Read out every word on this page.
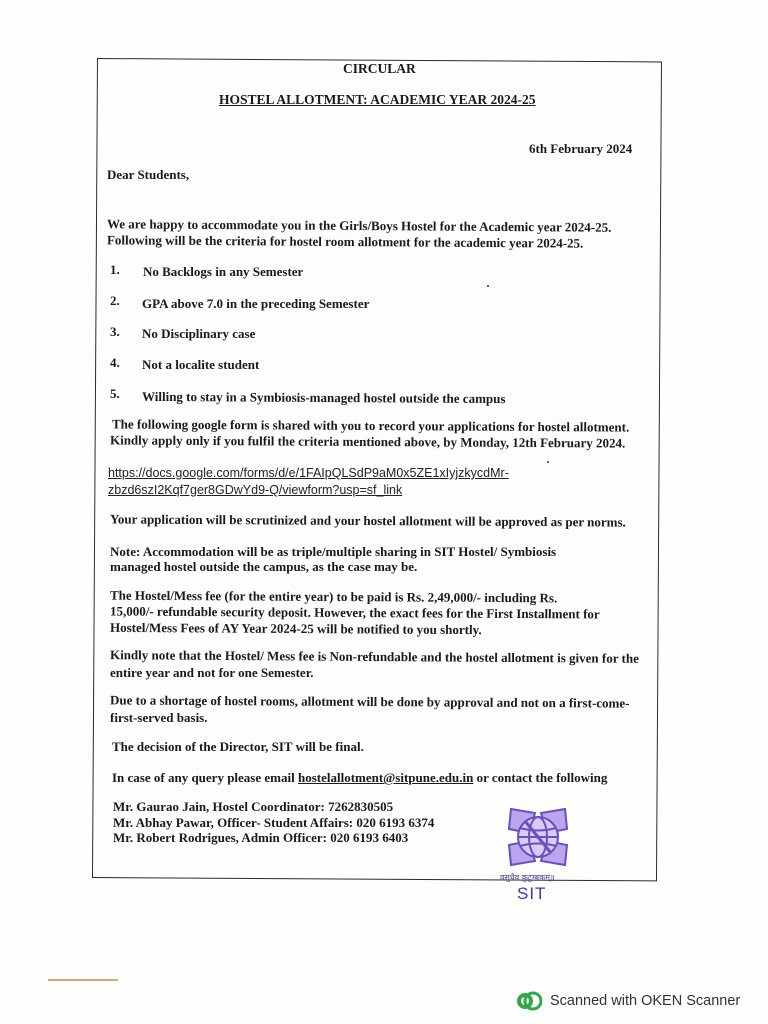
CIRCULAR
HOSTEL ALLOTMENT: ACADEMIC YEAR 2024-25
6th February 2024
Dear Students,
We are happy to accommodate you in the Girls/Boys Hostel for the Academic year 2024-25.
Following will be the criteria for hostel room allotment for the academic year 2024-25.
1. No Backlogs in any Semester
2. GPA above 7.0 in the preceding Semester
3. No Disciplinary case
4. Not a localite student
5. Willing to stay in a Symbiosis-managed hostel outside the campus
The following google form is shared with you to record your applications for hostel allotment.
Kindly apply only if you fulfil the criteria mentioned above, by Monday, 12th February 2024.
https://docs.google.com/forms/d/e/1FAIpQLSdP9aM0x5ZE1xIyjzkycdMr-
zbzd6szI2Kqf7ger8GDwYd9-Q/viewform?usp=sf_link
Your application will be scrutinized and your hostel allotment will be approved as per norms.
Note: Accommodation will be as triple/multiple sharing in SIT Hostel/ Symbiosis
managed hostel outside the campus, as the case may be.
The Hostel/Mess fee (for the entire year) to be paid is Rs. 2,49,000/- including Rs.
15,000/- refundable security deposit. However, the exact fees for the First Installment for
Hostel/Mess Fees of AY Year 2024-25 will be notified to you shortly.
Kindly note that the Hostel/ Mess fee is Non-refundable and the hostel allotment is given for the
entire year and not for one Semester.
Due to a shortage of hostel rooms, allotment will be done by approval and not on a first-come-
first-served basis.
The decision of the Director, SIT will be final.
In case of any query please email hostelallotment@sitpune.edu.in or contact the following
Mr. Gaurao Jain, Hostel Coordinator: 7262830505
Mr. Abhay Pawar, Officer- Student Affairs: 020 6193 6374
Mr. Robert Rodrigues, Admin Officer: 020 6193 6403
वसुधैव कुटुम्बकम्॥
SIT
Scanned with OKEN Scanner
